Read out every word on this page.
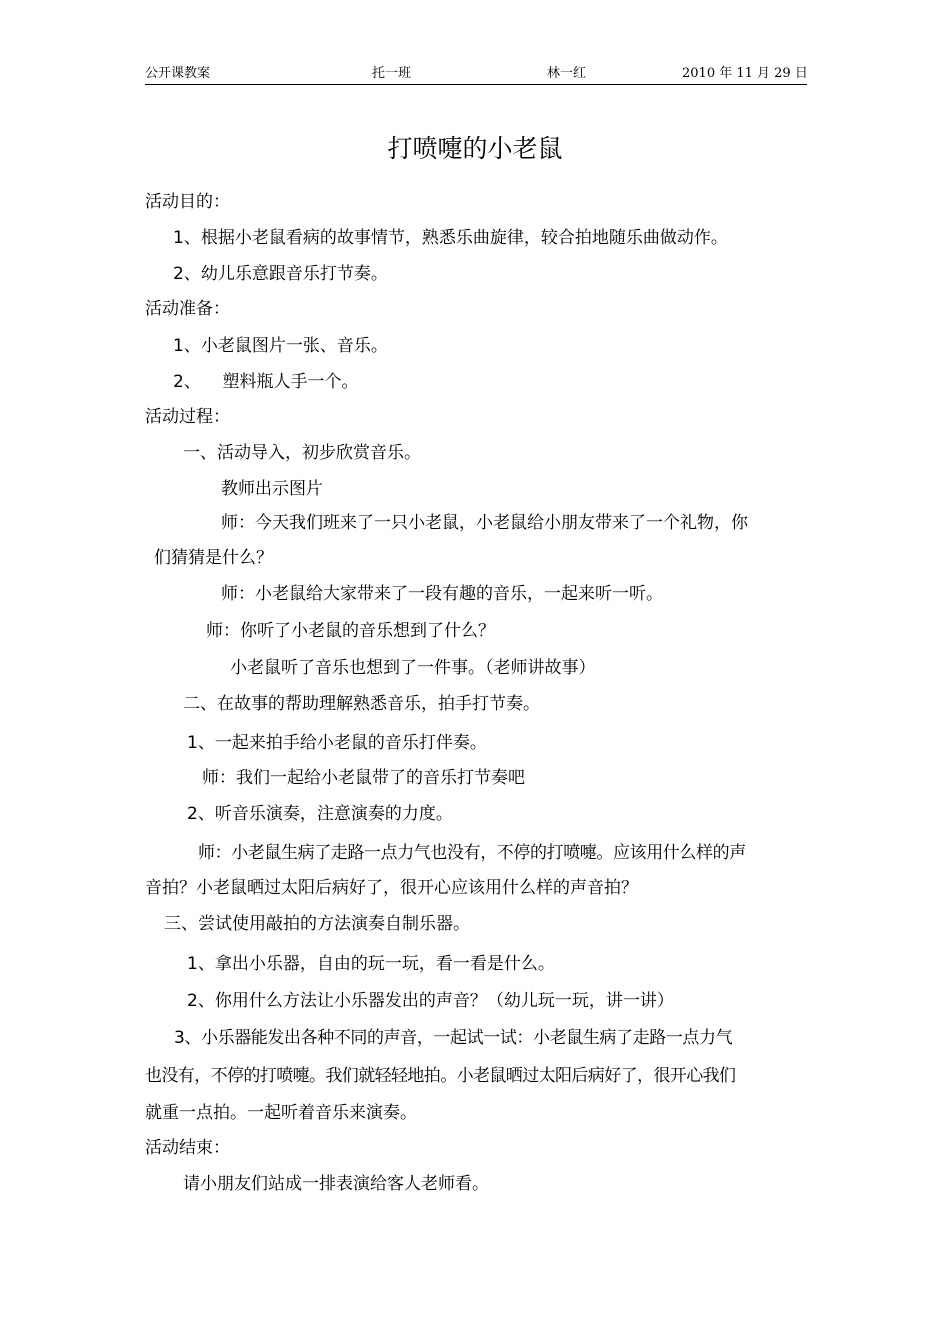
公开课教案	托一班	林一红	2010 年 11 月 29 日
打喷嚏的小老鼠
活动目的：
1、根据小老鼠看病的故事情节，熟悉乐曲旋律，较合拍地随乐曲做动作。
2、幼儿乐意跟音乐打节奏。
活动准备：
1、小老鼠图片一张、音乐。
2、    塑料瓶人手一个。
活动过程：
一、活动导入，初步欣赏音乐。
教师出示图片
师：今天我们班来了一只小老鼠，小老鼠给小朋友带来了一个礼物，你
们猜猜是什么？
师：小老鼠给大家带来了一段有趣的音乐，一起来听一听。
师：你听了小老鼠的音乐想到了什么？
小老鼠听了音乐也想到了一件事。（老师讲故事）
二、在故事的帮助理解熟悉音乐，拍手打节奏。
1、一起来拍手给小老鼠的音乐打伴奏。
师：我们一起给小老鼠带了的音乐打节奏吧
2、听音乐演奏，注意演奏的力度。
师：小老鼠生病了走路一点力气也没有，不停的打喷嚏。应该用什么样的声
音拍？小老鼠晒过太阳后病好了，很开心应该用什么样的声音拍？
三、尝试使用敲拍的方法演奏自制乐器。
1、拿出小乐器，自由的玩一玩，看一看是什么。
2、你用什么方法让小乐器发出的声音？（幼儿玩一玩，讲一讲）
3、小乐器能发出各种不同的声音，一起试一试：小老鼠生病了走路一点力气
也没有，不停的打喷嚏。我们就轻轻地拍。小老鼠晒过太阳后病好了，很开心我们
就重一点拍。一起听着音乐来演奏。
活动结束：
请小朋友们站成一排表演给客人老师看。
